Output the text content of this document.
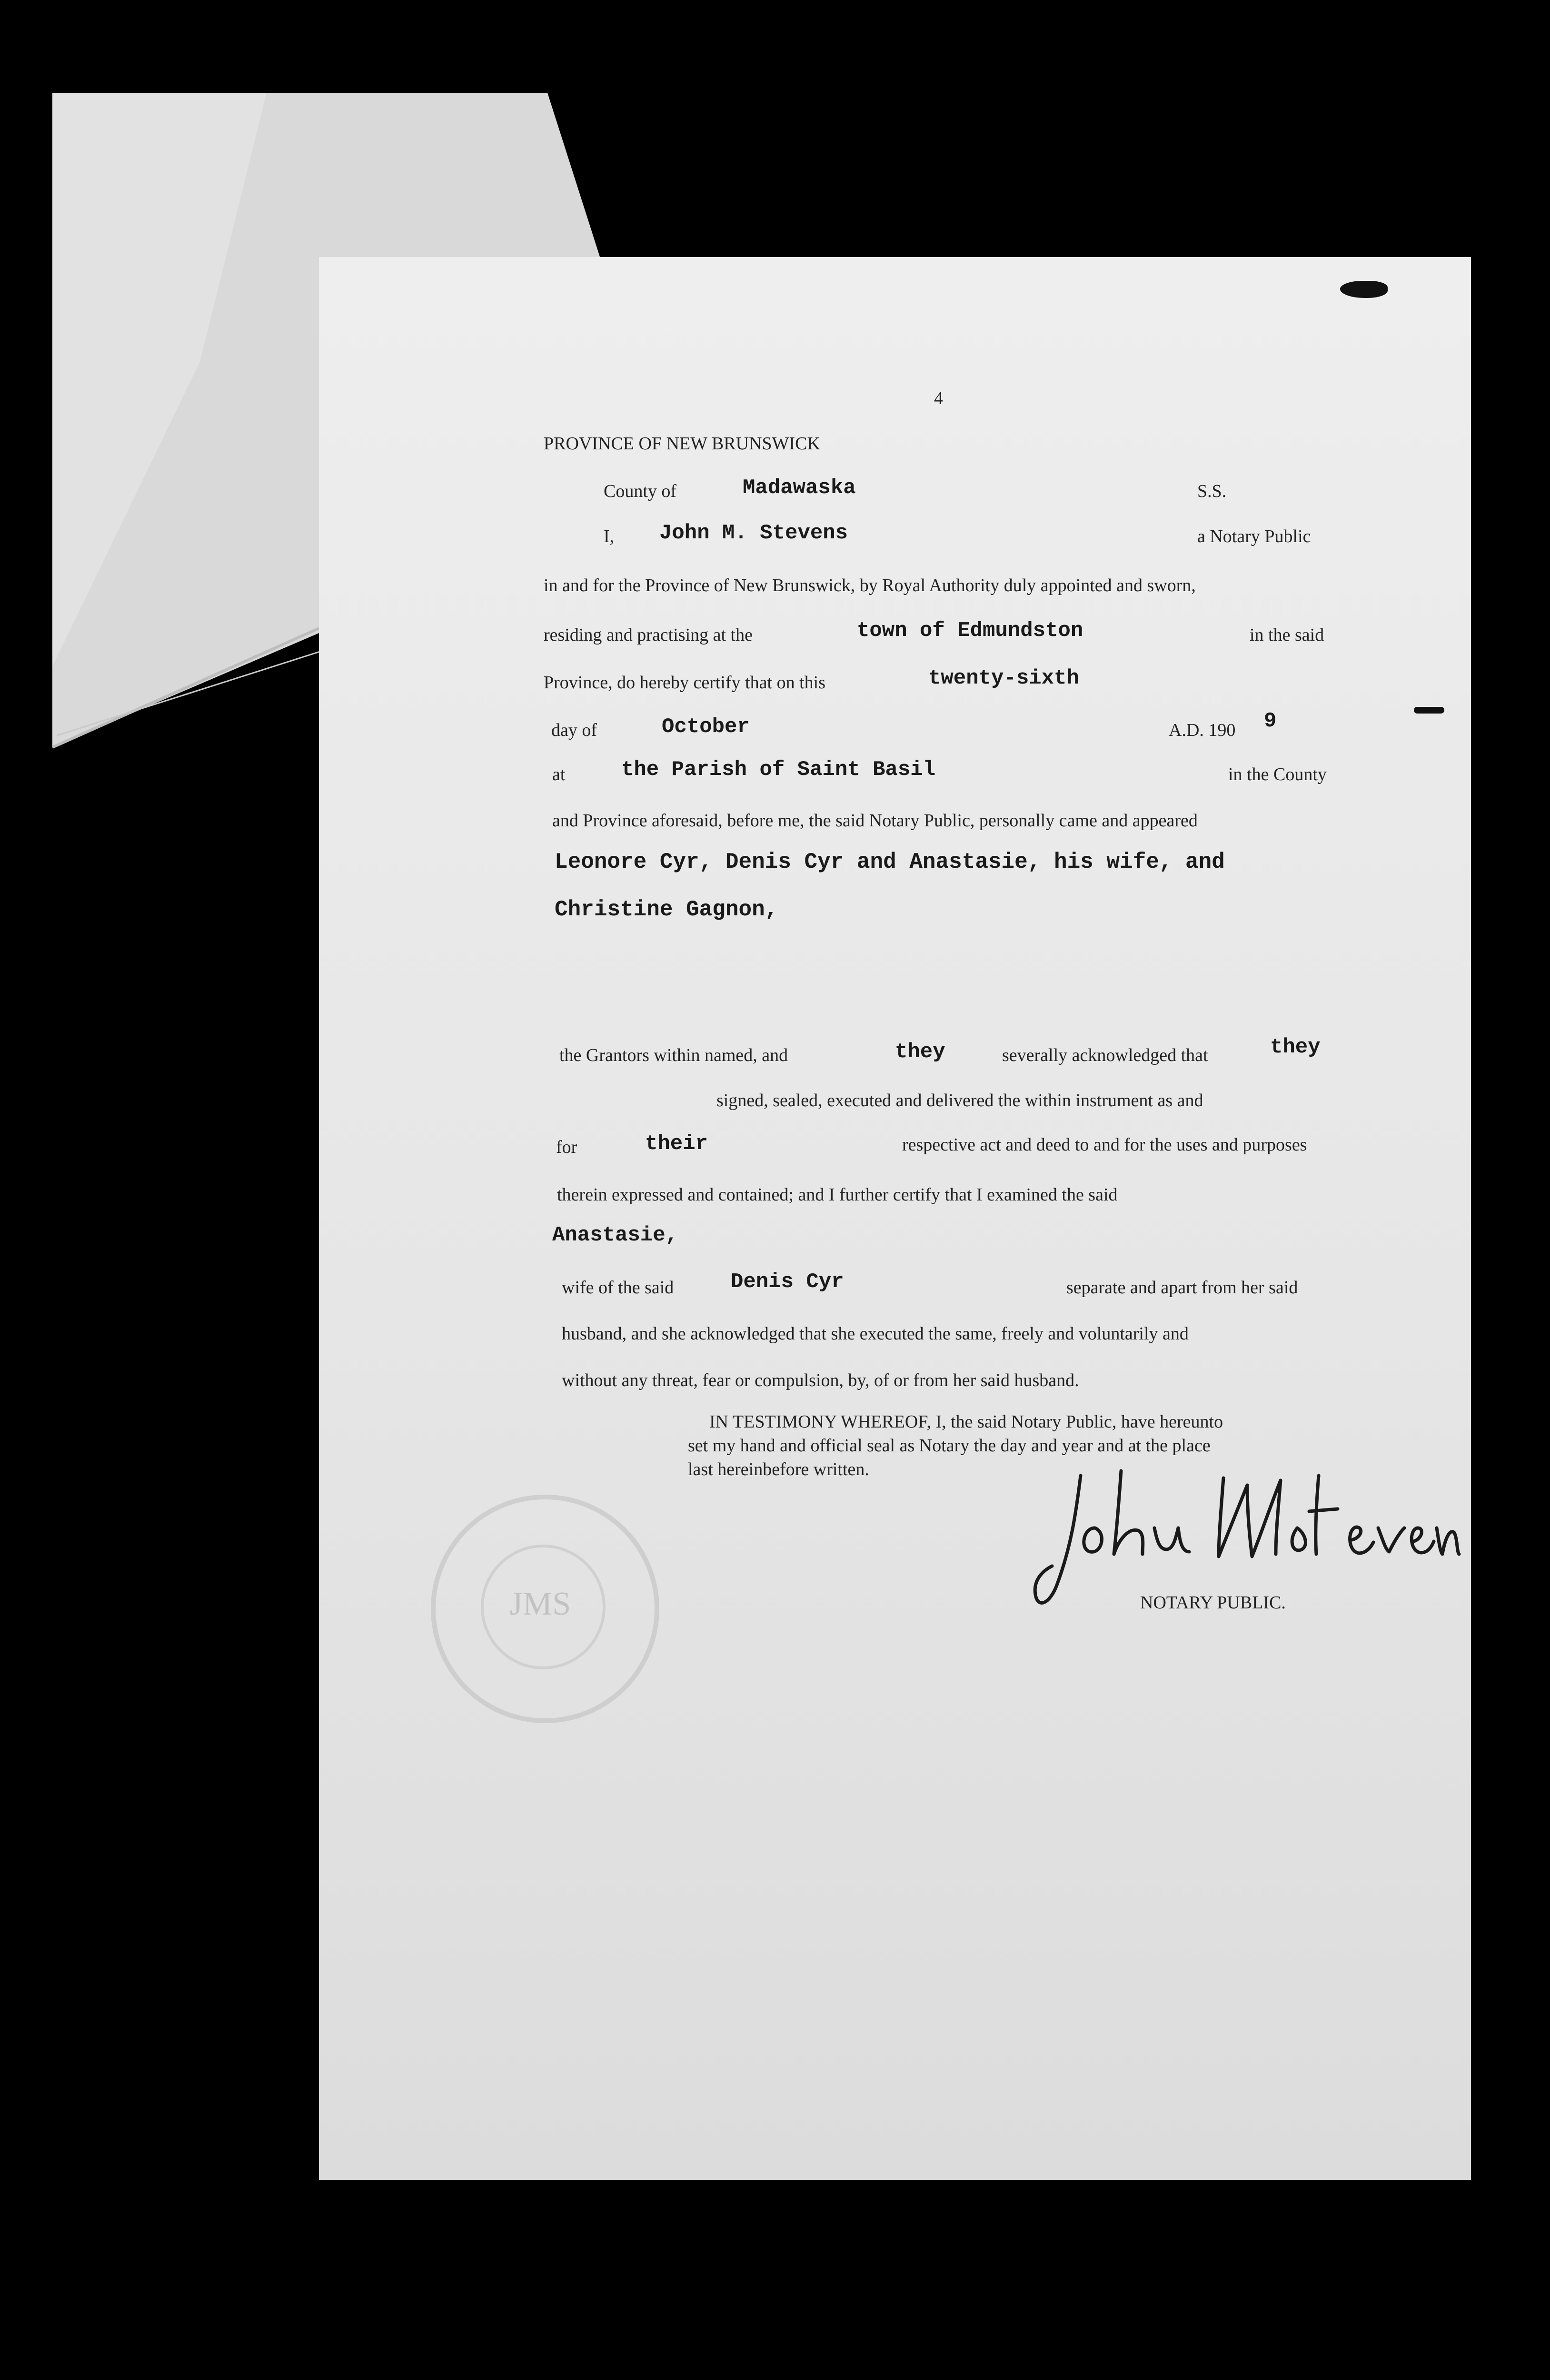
4
PROVINCE OF NEW BRUNSWICK
County of	Madawaska	S.S.
I, John M. Stevens	a Notary Public
in and for the Province of New Brunswick, by Royal Authority duly appointed and sworn,
residing and practising at the	town of Edmundston	in the said
Province, do hereby certify that on this	twenty-sixth
day of	October	A.D. 190 9
at	the Parish of Saint Basil	in the County
and Province aforesaid, before me, the said Notary Public, personally came and appeared
Leonore Cyr, Denis Cyr and Anastasie, his wife, and
Christine Gagnon,
the Grantors within named, and	they	severally acknowledged that	they
signed, sealed, executed and delivered the within instrument as and
for	their	respective act and deed to and for the uses and purposes
therein expressed and contained; and I further certify that I examined the said
Anastasie,
wife of the said	Denis Cyr	separate and apart from her said
husband, and she acknowledged that she executed the same, freely and voluntarily and
without any threat, fear or compulsion, by, of or from her said husband.
IN TESTIMONY WHEREOF, I, the said Notary Public, have hereunto
set my hand and official seal as Notary the day and year and at the place
last hereinbefore written.
JMS	NOTARY PUBLIC.
